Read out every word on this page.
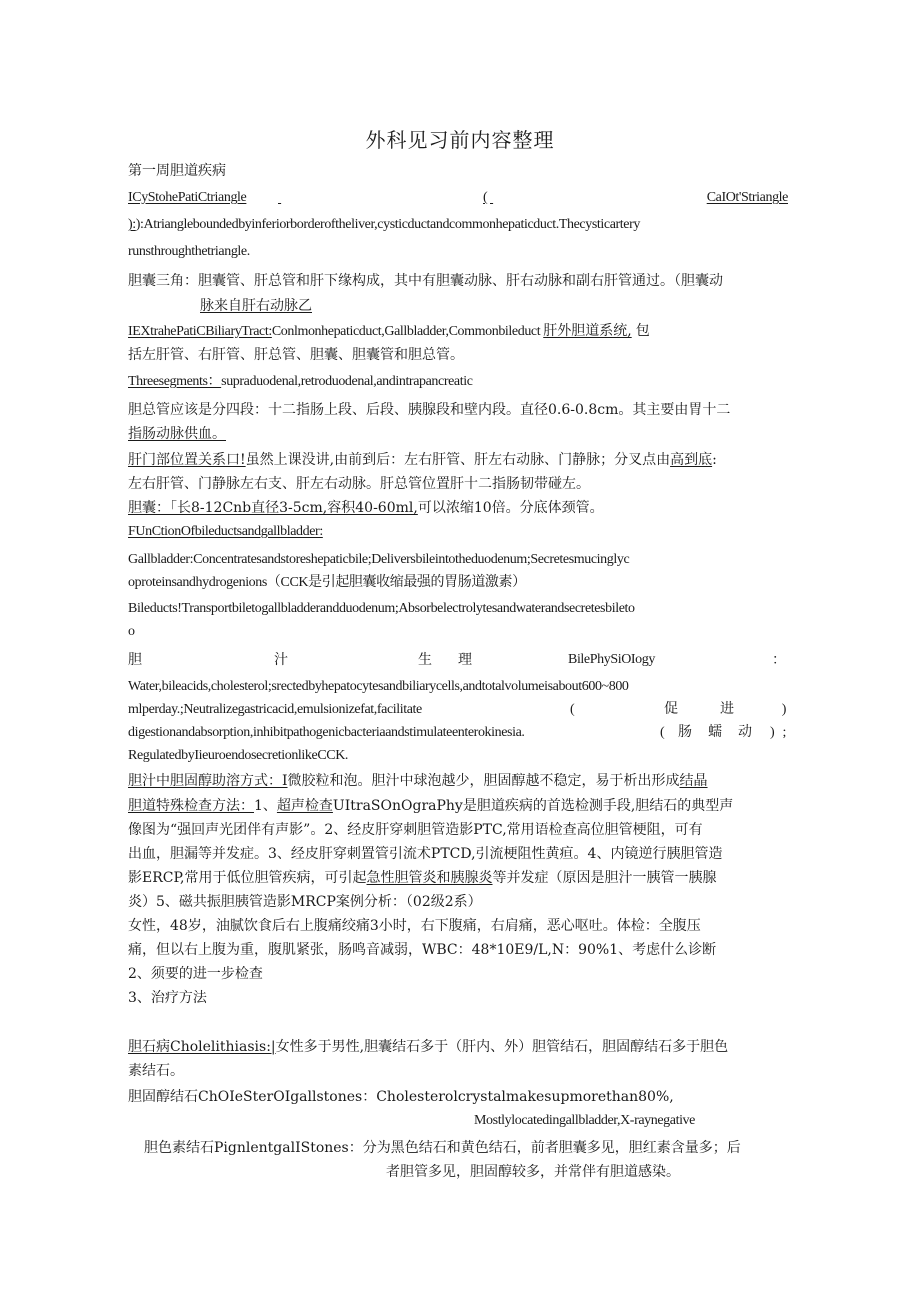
外科见习前内容整理
第一周胆道疾病
ICyStohePatiCtriangle
	(	CaIOt'Striangle

):):Atriangleboundedbyinferiorborderoftheliver,cysticductandcommonhepaticduct.Thecysticartery
runsthroughthetriangle.
胆囊三角：胆囊管、肝总管和肝下缘构成，其中有胆囊动脉、肝右动脉和副右肝管通过。（胆囊动
脉来自肝右动脉乙
IEXtrahePatiCBiliaryTract:Conlmonhepaticduct,Gallbladder,Commonbileduct 肝外胆道系统, 包
括左肝管、右肝管、肝总管、胆囊、胆囊管和胆总管。
Threesegments：supraduodenal,retroduodenal,andintrapancreatic
胆总管应该是分四段：十二指肠上段、后段、胰腺段和壁内段。直径0.6-0.8cm。其主要由胃十二
指肠动脉供血。
肝门部位置关系口!虽然上课没讲,由前到后：左右肝管、肝左右动脉、门静脉；分叉点由高到底:
左右肝管、门静脉左右支、肝左右动脉。肝总管位置肝十二指肠韧带碰左。
胆囊：「长8-12Cnb直径3-5cm,容积40-60ml,可以浓缩10倍。分底体颈管。
FUnCtionOfbileductsandgallbladder:
Gallbladder:Concentratesandstoreshepaticbile;Deliversbileintotheduodenum;Secretesmucinglyc
oproteinsandhydrogenions（CCK是引起胆囊收缩最强的胃肠道激素）
Bileducts!Transportbiletogallbladderandduodenum;Absorbelectrolytesandwaterandsecretesbileto
o
胆	汁	生 理	BilePhySiOIogy	：

Water,bileacids,cholesterol;srectedbyhepatocytesandbiliarycells,andtotalvolumeisabout600~800
mlperday.;Neutralizegastricacid,emulsionizefat,facilitate	(	促	进	)
digestionandabsorption,inhibitpathogenicbacteriaandstimulateenterokinesia.	( 肠 蠕 动 ) ;
RegulatedbyIieuroendosecretionlikeCCK.
胆汁中胆固醇助溶方式：I微胶粒和泡。胆汁中球泡越少，胆固醇越不稳定，易于析出形成结晶
胆道特殊检查方法：1、超声检查UItraSOnOgraPhy是胆道疾病的首选检测手段,胆结石的典型声
像图为“强回声光团伴有声影”。2、经皮肝穿刺胆管造影PTC,常用语检查高位胆管梗阻，可有
出血，胆漏等并发症。3、经皮肝穿刺置管引流术PTCD,引流梗阻性黄疸。4、内镜逆行胰胆管造
影ERCP,常用于低位胆管疾病，可引起急性胆管炎和胰腺炎等并发症（原因是胆汁一胰管一胰腺
炎）5、磁共振胆胰管造影MRCP案例分析：（02级2系）
女性，48岁，油腻饮食后右上腹痛绞痛3小时，右下腹痛，右肩痛，恶心呕吐。体检：全腹压
痛，但以右上腹为重，腹肌紧张，肠鸣音减弱，WBC：48*10E9/L,N：90%1、考虑什么诊断
2、须要的进一步检查
3、治疗方法
胆石病Cholelithiasis:|女性多于男性,胆囊结石多于（肝内、外）胆管结石，胆固醇结石多于胆色
素结石。
胆固醇结石ChOIeSterOIgallstones：Cholesterolcrystalmakesupmorethan80%,
Mostlylocatedingallbladder,X-raynegative
胆色素结石PignlentgalIStones：分为黑色结石和黄色结石，前者胆囊多见，胆红素含量多；后
者胆管多见，胆固醇较多，并常伴有胆道感染。
